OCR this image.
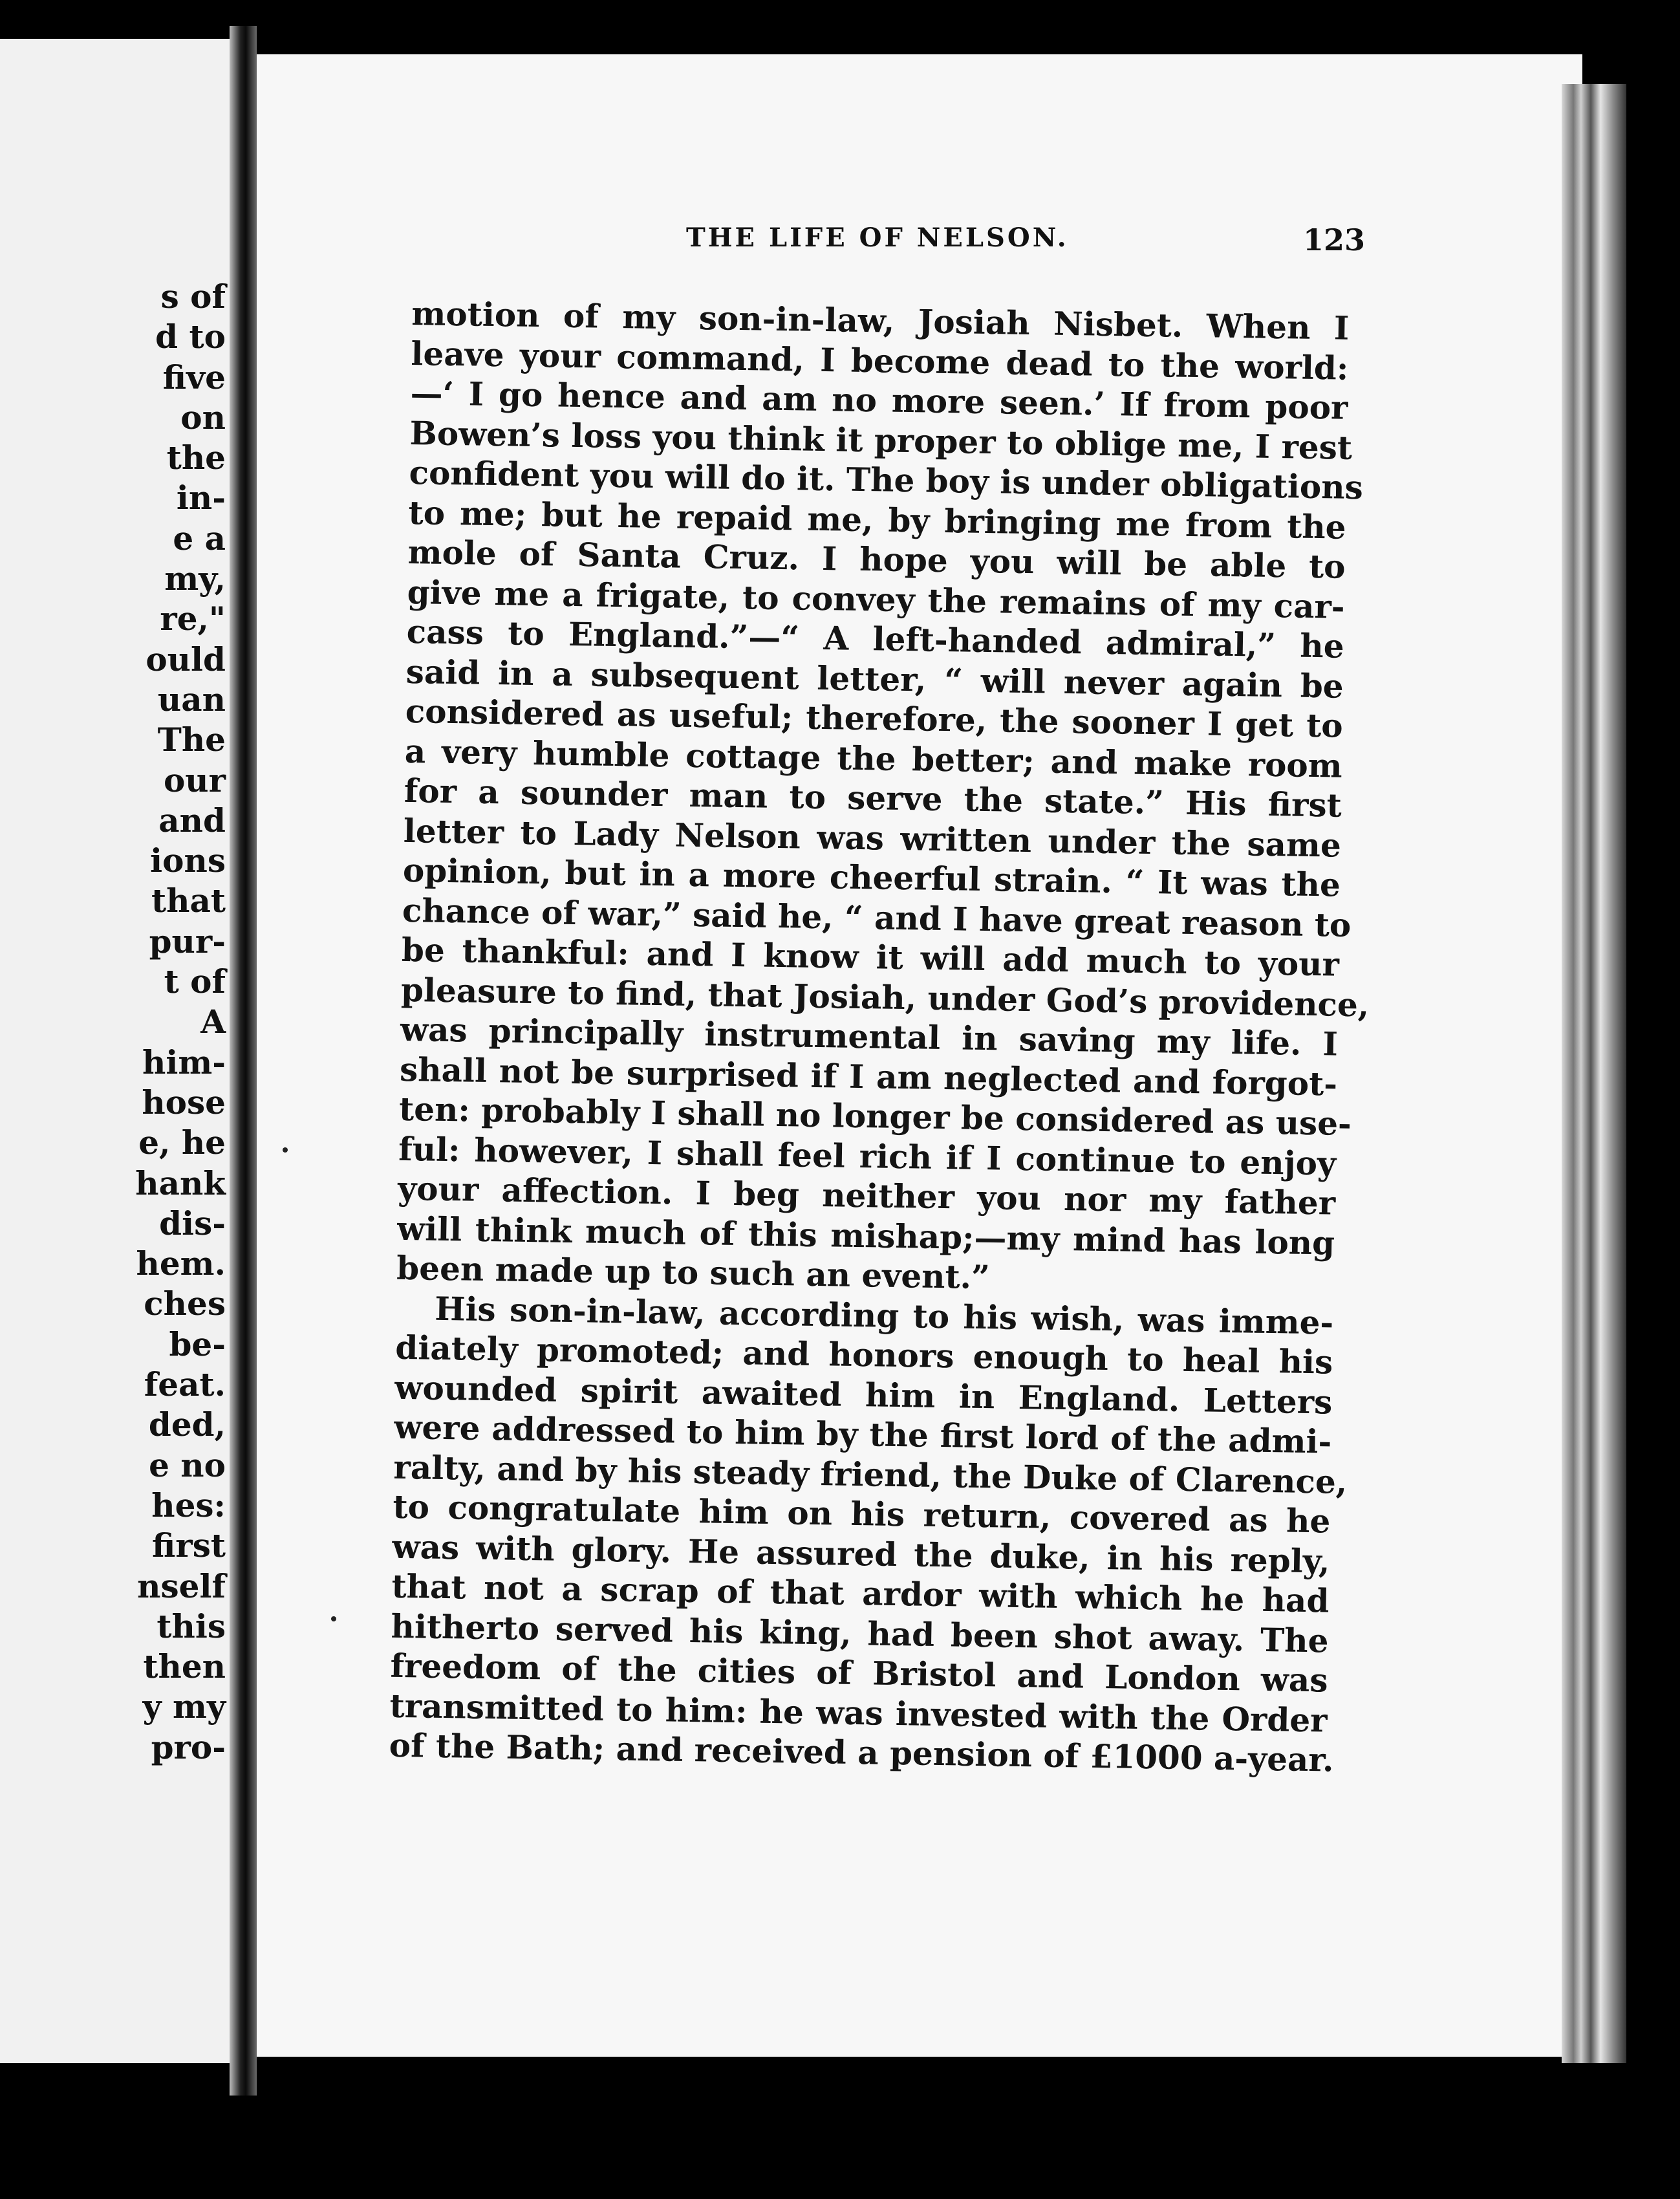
s of
d to
five
on
the
in-
e a
my,
re,"
ould
uan
The
our
and
ions
that
pur-
t of
A
him-
hose
e, he
hank
dis-
hem.
ches
be-
feat.
ded,
e no
hes:
first
nself
this
then
y my
pro-
THE LIFE OF NELSON.	123
motion of my son-in-law, Josiah Nisbet. When I
leave your command, I become dead to the world:
—‘ I go hence and am no more seen.’ If from poor
Bowen’s loss you think it proper to oblige me, I rest
confident you will do it. The boy is under obligations
to me; but he repaid me, by bringing me from the
mole of Santa Cruz. I hope you will be able to
give me a frigate, to convey the remains of my car-
cass to England.”—“ A left-handed admiral,” he
said in a subsequent letter, “ will never again be
considered as useful; therefore, the sooner I get to
a very humble cottage the better; and make room
for a sounder man to serve the state.” His first
letter to Lady Nelson was written under the same
opinion, but in a more cheerful strain. “ It was the
chance of war,” said he, “ and I have great reason to
be thankful: and I know it will add much to your
pleasure to find, that Josiah, under God’s providence,
was principally instrumental in saving my life. I
shall not be surprised if I am neglected and forgot-
ten: probably I shall no longer be considered as use-
ful: however, I shall feel rich if I continue to enjoy
your affection. I beg neither you nor my father
will think much of this mishap;—my mind has long
been made up to such an event.”
His son-in-law, according to his wish, was imme-
diately promoted; and honors enough to heal his
wounded spirit awaited him in England. Letters
were addressed to him by the first lord of the admi-
ralty, and by his steady friend, the Duke of Clarence,
to congratulate him on his return, covered as he
was with glory. He assured the duke, in his reply,
that not a scrap of that ardor with which he had
hitherto served his king, had been shot away. The
freedom of the cities of Bristol and London was
transmitted to him: he was invested with the Order
of the Bath; and received a pension of £1000 a-year.
